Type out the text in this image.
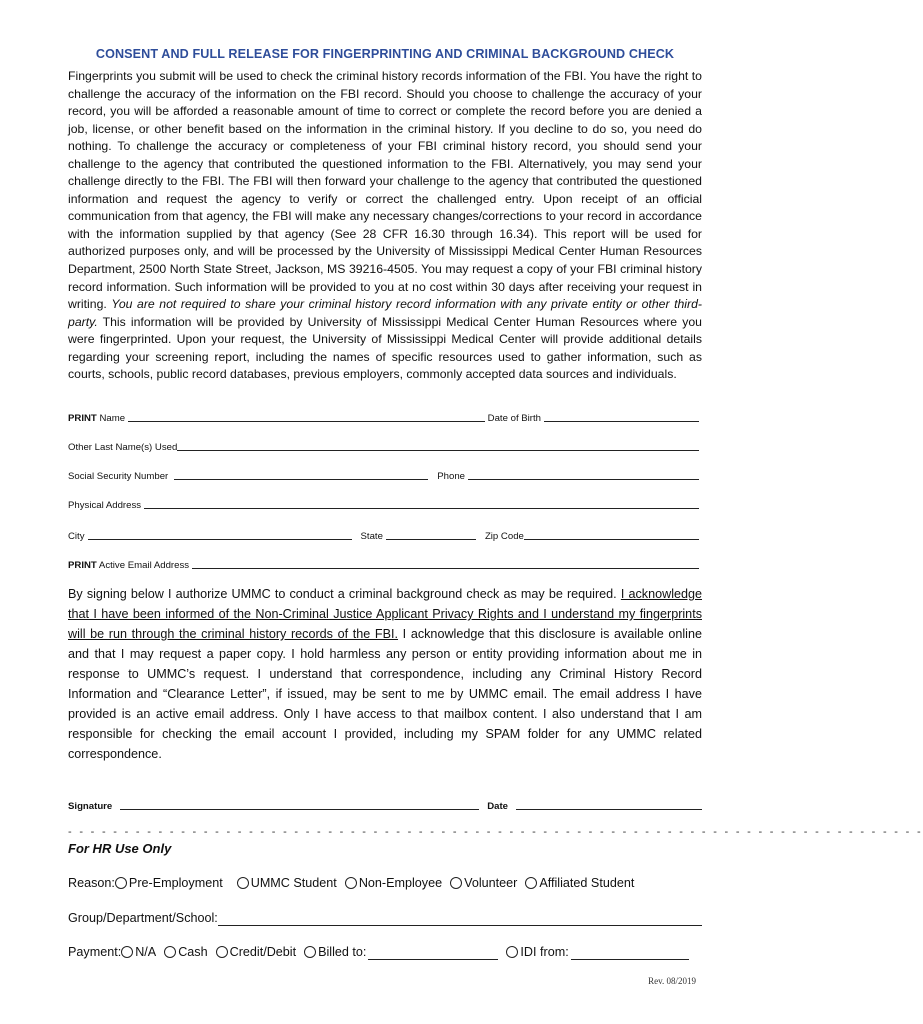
CONSENT AND FULL RELEASE FOR FINGERPRINTING AND CRIMINAL BACKGROUND CHECK

Fingerprints you submit will be used to check the criminal history records information of the FBI. You have the right to challenge the accuracy of the information on the FBI record. Should you choose to challenge the accuracy of your record, you will be afforded a reasonable amount of time to correct or complete the record before you are denied a job, license, or other benefit based on the information in the criminal history. If you decline to do so, you need do nothing. To challenge the accuracy or completeness of your FBI criminal history record, you should send your challenge to the agency that contributed the questioned information to the FBI. Alternatively, you may send your challenge directly to the FBI. The FBI will then forward your challenge to the agency that contributed the questioned information and request the agency to verify or correct the challenged entry. Upon receipt of an official communication from that agency, the FBI will make any necessary changes/corrections to your record in accordance with the information supplied by that agency (See 28 CFR 16.30 through 16.34). This report will be used for authorized purposes only, and will be processed by the University of Mississippi Medical Center Human Resources Department, 2500 North State Street, Jackson, MS 39216-4505. You may request a copy of your FBI criminal history record information. Such information will be provided to you at no cost within 30 days after receiving your request in writing. You are not required to share your criminal history record information with any private entity or other third-party. This information will be provided by University of Mississippi Medical Center Human Resources where you were fingerprinted. Upon your request, the University of Mississippi Medical Center will provide additional details regarding your screening report, including the names of specific resources used to gather information, such as courts, schools, public record databases, previous employers, commonly accepted data sources and individuals.

PRINT Name	Date of Birth
Other Last Name(s) Used
Social Security Number	Phone
Physical Address
City	State	Zip Code
PRINT Active Email Address

By signing below I authorize UMMC to conduct a criminal background check as may be required. I acknowledge that I have been informed of the Non-Criminal Justice Applicant Privacy Rights and I understand my fingerprints will be run through the criminal history records of the FBI. I acknowledge that this disclosure is available online and that I may request a paper copy. I hold harmless any person or entity providing information about me in response to UMMC’s request. I understand that correspondence, including any Criminal History Record Information and “Clearance Letter”, if issued, may be sent to me by UMMC email. The email address I have provided is an active email address. Only I have access to that mailbox content. I also understand that I am responsible for checking the email account I provided, including my SPAM folder for any UMMC related correspondence.

Signature	Date
- - - - - - - - - - - - - - - - - - - - - - - - - - - - - - - - - - - - - - - - - - - - - - - - - - - - - - - - - - - - - - - - - - - - - - - - - - - -
For HR Use Only
Reason: Pre-Employment UMMC Student Non-Employee Volunteer Affiliated Student
Group/Department/School:
Payment: N/A Cash Credit/Debit Billed to:	IDI from:
Rev. 08/2019
